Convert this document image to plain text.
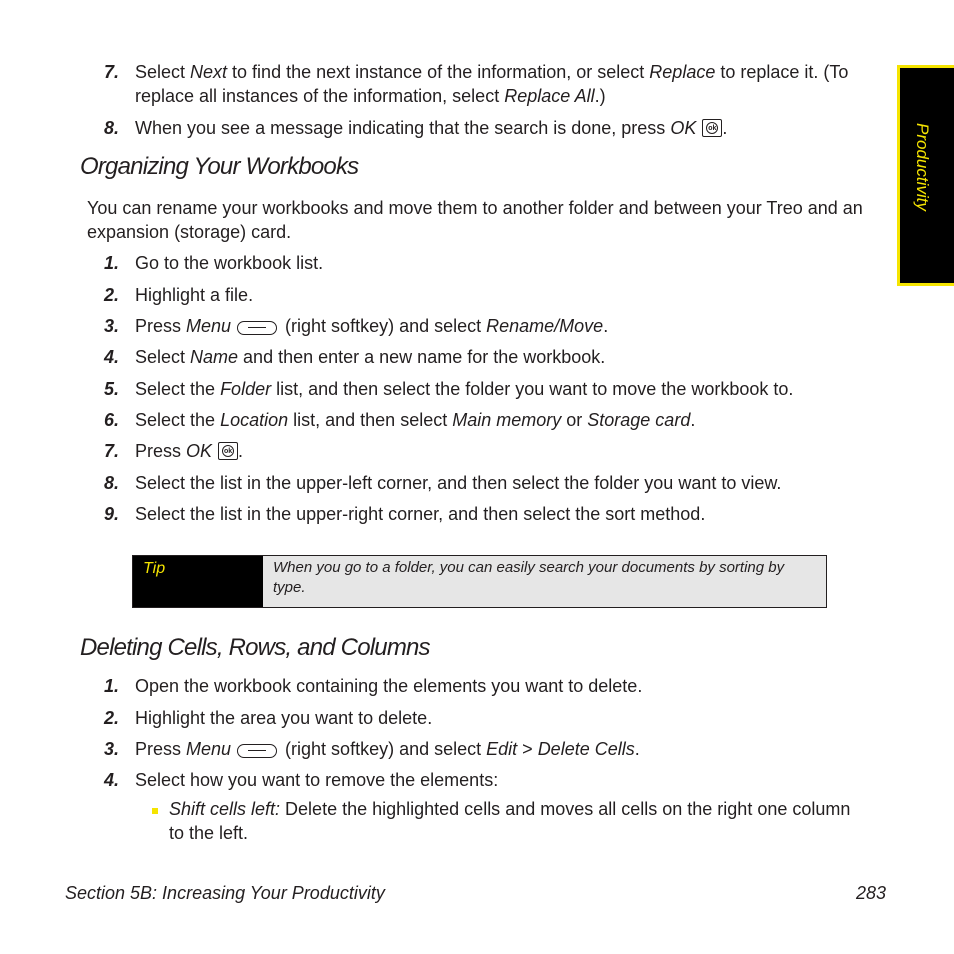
Productivity
7. Select Next to find the next instance of the information, or select Replace to replace it. (To replace all instances of the information, select Replace All.)
8. When you see a message indicating that the search is done, press OK ok .
Organizing Your Workbooks
You can rename your workbooks and move them to another folder and between your Treo and an expansion (storage) card.
1. Go to the workbook list.
2. Highlight a file.
3. Press Menu	(right softkey) and select Rename/Move.
4. Select Name and then enter a new name for the workbook.
5. Select the Folder list, and then select the folder you want to move the workbook to.
6. Select the Location list, and then select Main memory or Storage card.
7. Press OK ok .
8. Select the list in the upper-left corner, and then select the folder you want to view.
9. Select the list in the upper-right corner, and then select the sort method.
Tip	When you go to a folder, you can easily search your documents by sorting by type.
Deleting Cells, Rows, and Columns
1. Open the workbook containing the elements you want to delete.
2. Highlight the area you want to delete.
3. Press Menu	(right softkey) and select Edit > Delete Cells.
4. Select how you want to remove the elements:
Shift cells left: Delete the highlighted cells and moves all cells on the right one column to the left.
Section 5B: Increasing Your Productivity	283
